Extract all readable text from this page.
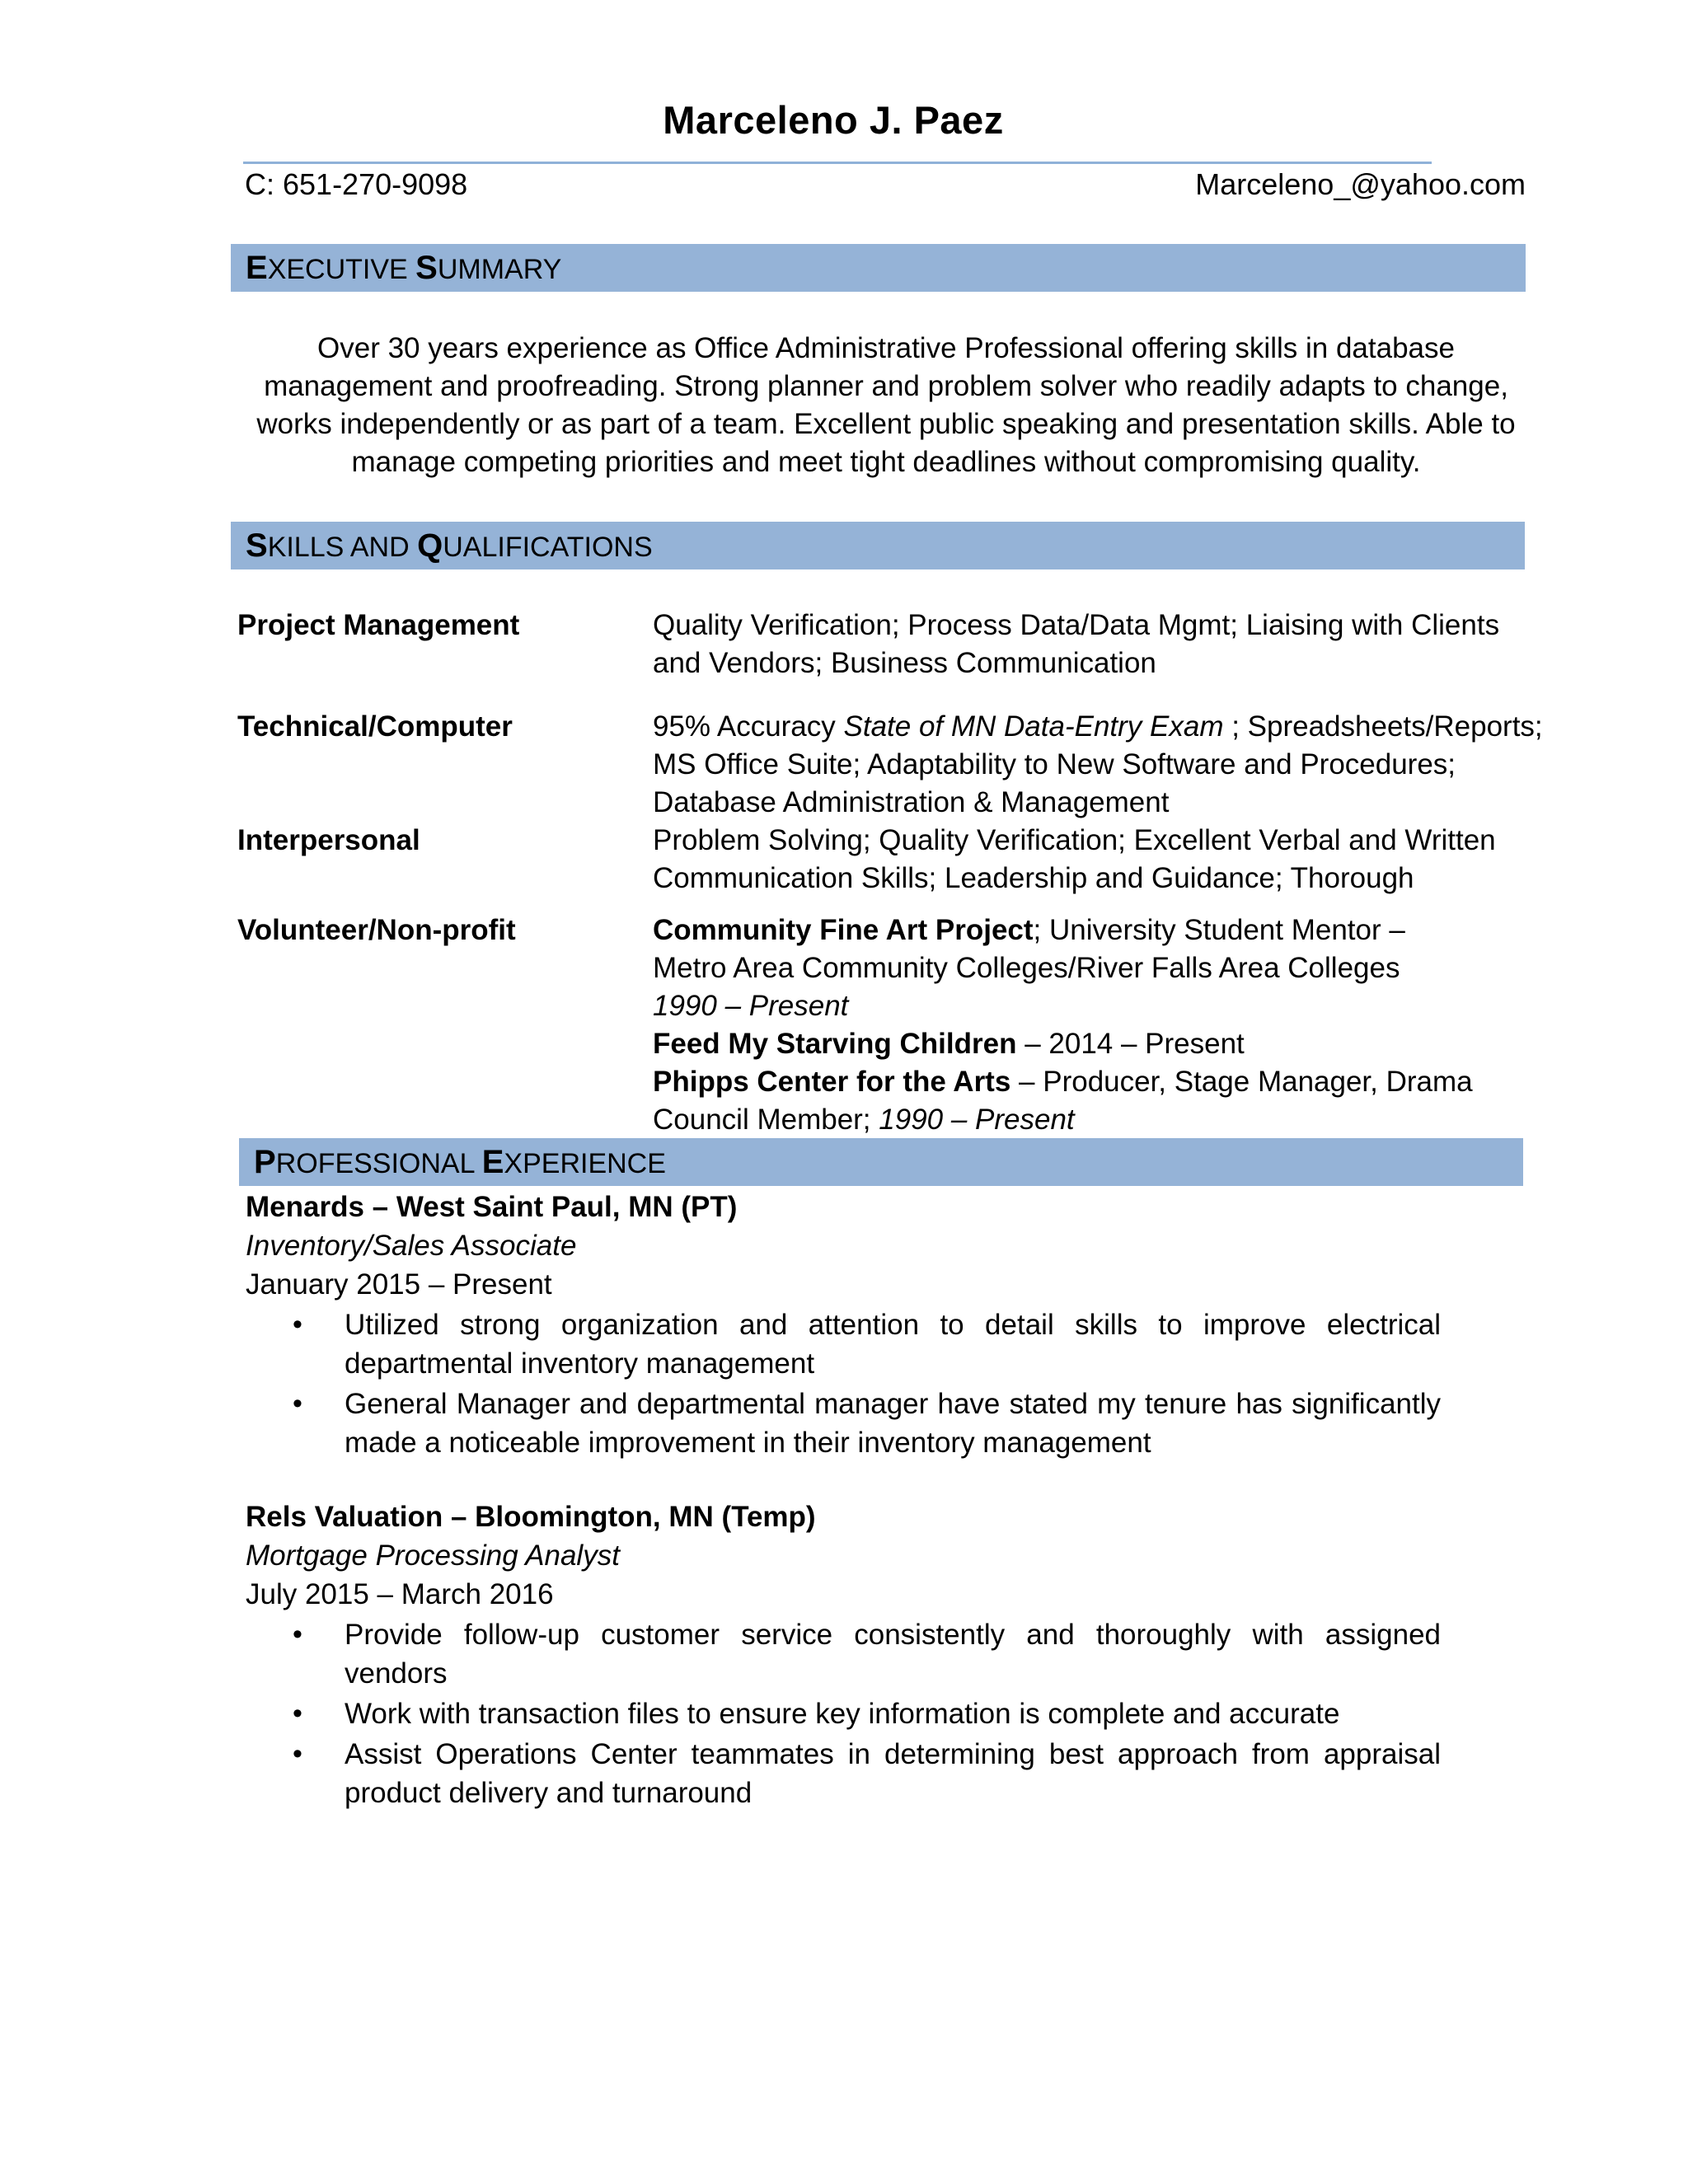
Marceleno J. Paez
C: 651-270-9098	Marceleno_@yahoo.com
EXECUTIVE SUMMARY
Over 30 years experience as Office Administrative Professional offering skills in database
management and proofreading. Strong planner and problem solver who readily adapts to change,
works independently or as part of a team. Excellent public speaking and presentation skills. Able to
manage competing priorities and meet tight deadlines without compromising quality.
SKILLS AND QUALIFICATIONS
Project Management	Quality Verification; Process Data/Data Mgmt; Liaising with Clients
and Vendors; Business Communication
Technical/Computer	95% Accuracy State of MN Data-Entry Exam ; Spreadsheets/Reports;
MS Office Suite; Adaptability to New Software and Procedures;
Database Administration & Management
Interpersonal	Problem Solving; Quality Verification; Excellent Verbal and Written
Communication Skills; Leadership and Guidance; Thorough
Volunteer/Non-profit	Community Fine Art Project; University Student Mentor –
Metro Area Community Colleges/River Falls Area Colleges
1990 – Present
Feed My Starving Children – 2014 – Present
Phipps Center for the Arts – Producer, Stage Manager, Drama
Council Member; 1990 – Present
PROFESSIONAL EXPERIENCE
Menards – West Saint Paul, MN (PT)
Inventory/Sales Associate
January 2015 – Present
• Utilized strong organization and attention to detail skills to improve electrical departmental inventory management
• General Manager and departmental manager have stated my tenure has significantly made a noticeable improvement in their inventory management
Rels Valuation – Bloomington, MN (Temp)
Mortgage Processing Analyst
July 2015 – March 2016
• Provide follow-up customer service consistently and thoroughly with assigned vendors
• Work with transaction files to ensure key information is complete and accurate
• Assist Operations Center teammates in determining best approach from appraisal product delivery and turnaround
